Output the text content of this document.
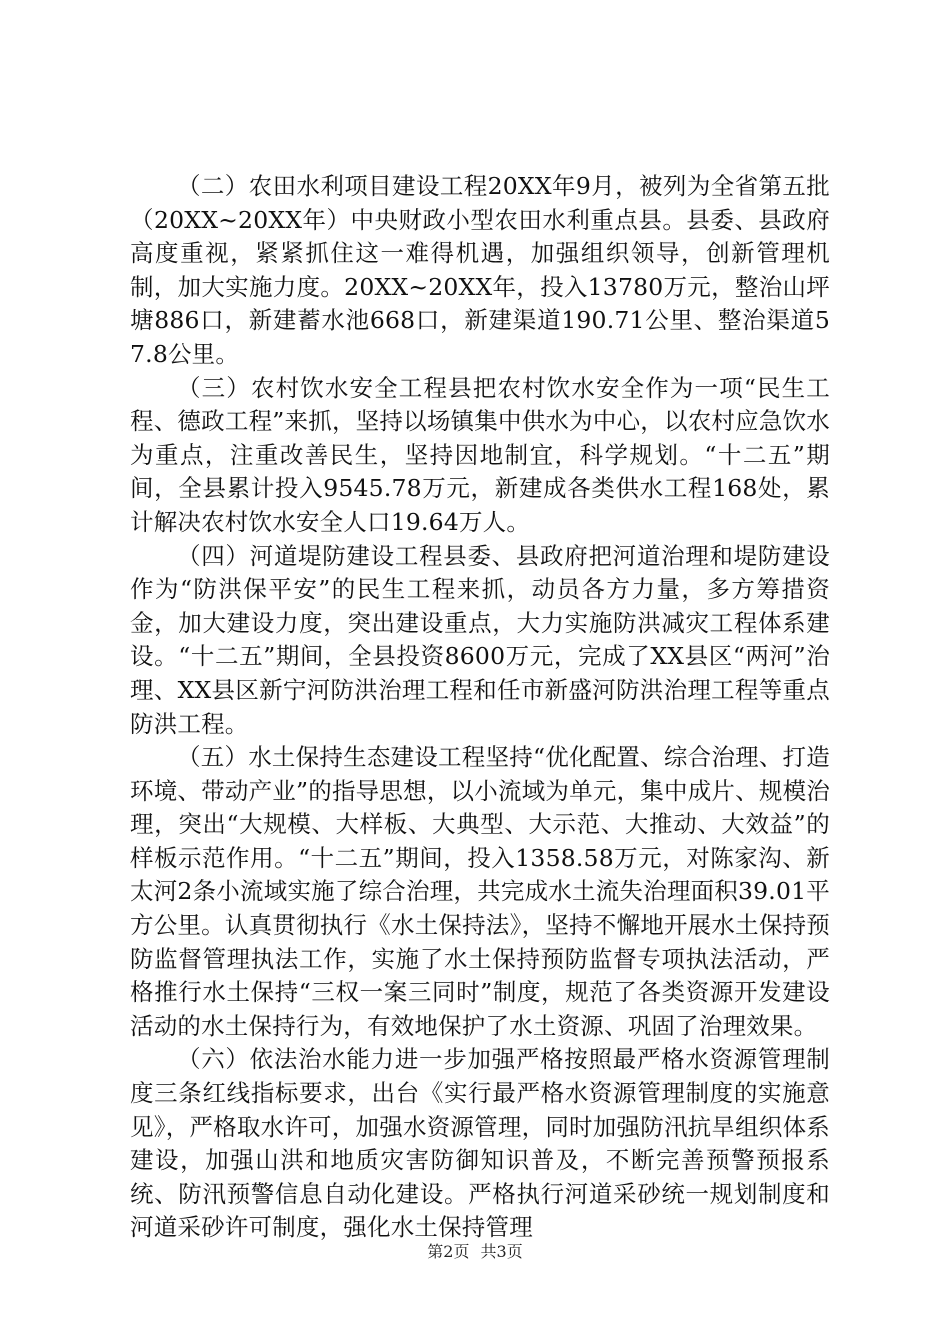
（二）农田水利项目建设工程20XX年9月，被列为全省第五批（20XX~20XX年）中央财政小型农田水利重点县。县委、县政府高度重视，紧紧抓住这一难得机遇，加强组织领导，创新管理机制，加大实施力度。20XX~20XX年，投入13780万元，整治山坪塘886口，新建蓄水池668口，新建渠道190.71公里、整治渠道57.8公里。

（三）农村饮水安全工程县把农村饮水安全作为一项“民生工程、德政工程”来抓，坚持以场镇集中供水为中心，以农村应急饮水为重点，注重改善民生，坚持因地制宜，科学规划。“十二五”期间，全县累计投入9545.78万元，新建成各类供水工程168处，累计解决农村饮水安全人口19.64万人。

（四）河道堤防建设工程县委、县政府把河道治理和堤防建设作为“防洪保平安”的民生工程来抓，动员各方力量，多方筹措资金，加大建设力度，突出建设重点，大力实施防洪减灾工程体系建设。“十二五”期间，全县投资8600万元，完成了XX县区“两河”治理、XX县区新宁河防洪治理工程和任市新盛河防洪治理工程等重点防洪工程。

（五）水土保持生态建设工程坚持“优化配置、综合治理、打造环境、带动产业”的指导思想，以小流域为单元，集中成片、规模治理，突出“大规模、大样板、大典型、大示范、大推动、大效益”的样板示范作用。“十二五”期间，投入1358.58万元，对陈家沟、新太河2条小流域实施了综合治理，共完成水土流失治理面积39.01平方公里。认真贯彻执行《水土保持法》，坚持不懈地开展水土保持预防监督管理执法工作，实施了水土保持预防监督专项执法活动，严格推行水土保持“三权一案三同时”制度，规范了各类资源开发建设活动的水土保持行为，有效地保护了水土资源、巩固了治理效果。

（六）依法治水能力进一步加强严格按照最严格水资源管理制度三条红线指标要求，出台《实行最严格水资源管理制度的实施意见》，严格取水许可，加强水资源管理，同时加强防汛抗旱组织体系建设，加强山洪和地质灾害防御知识普及，不断完善预警预报系统、防汛预警信息自动化建设。严格执行河道采砂统一规划制度和河道采砂许可制度，强化水土保持管理

第2页 共3页
